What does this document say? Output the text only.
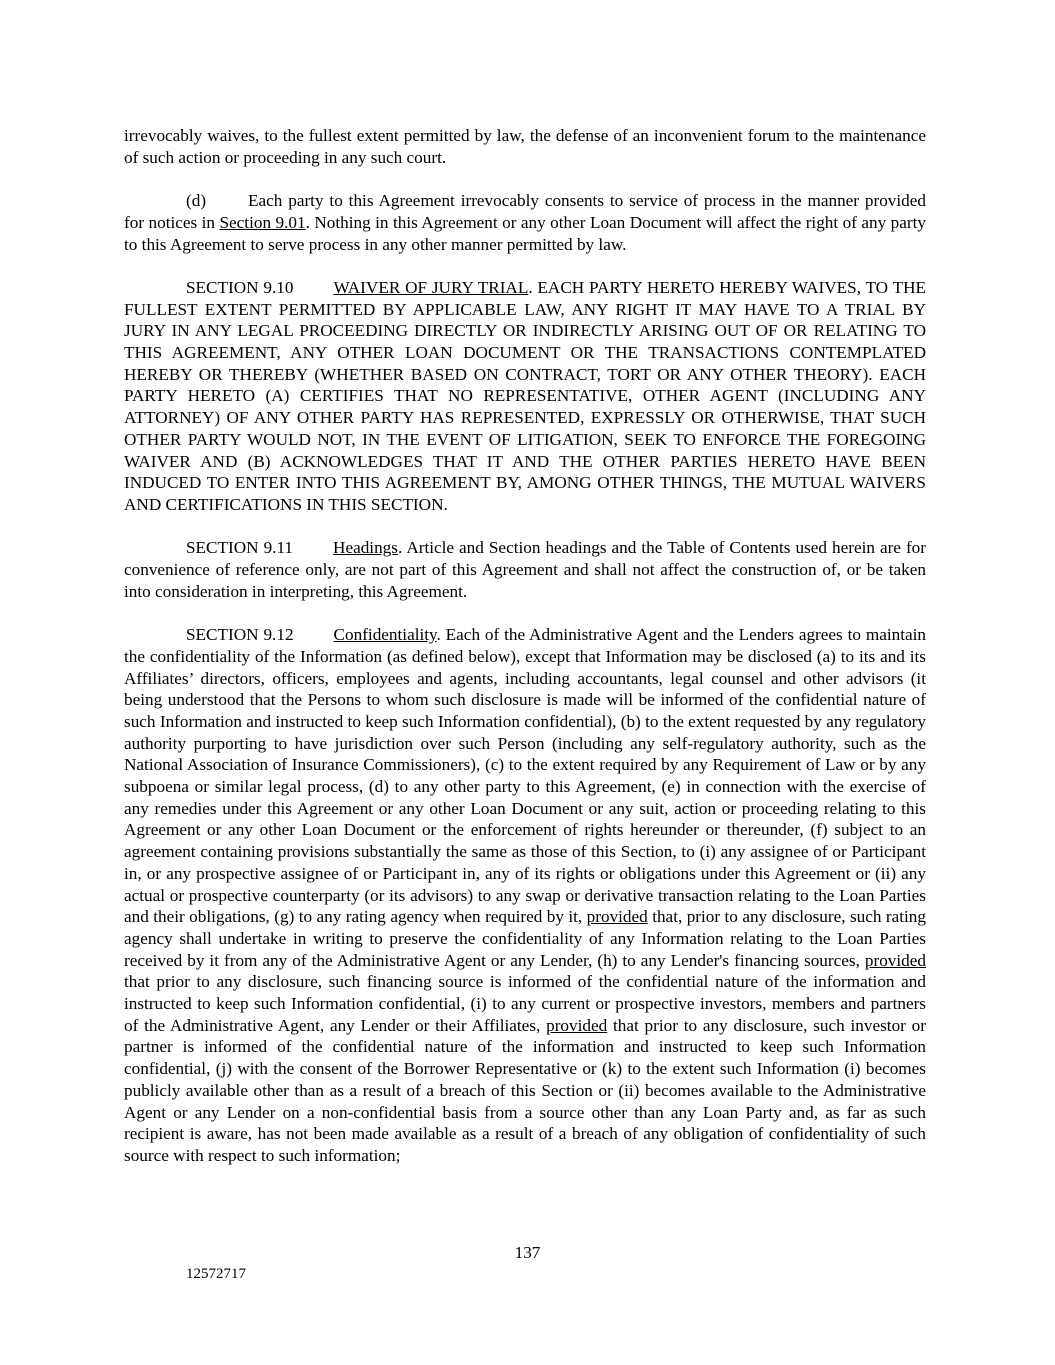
irrevocably waives, to the fullest extent permitted by law, the defense of an inconvenient forum to the maintenance of such action or proceeding in any such court.

(d) Each party to this Agreement irrevocably consents to service of process in the manner provided for notices in Section 9.01. Nothing in this Agreement or any other Loan Document will affect the right of any party to this Agreement to serve process in any other manner permitted by law.

SECTION 9.10 WAIVER OF JURY TRIAL. EACH PARTY HERETO HEREBY WAIVES, TO THE FULLEST EXTENT PERMITTED BY APPLICABLE LAW, ANY RIGHT IT MAY HAVE TO A TRIAL BY JURY IN ANY LEGAL PROCEEDING DIRECTLY OR INDIRECTLY ARISING OUT OF OR RELATING TO THIS AGREEMENT, ANY OTHER LOAN DOCUMENT OR THE TRANSACTIONS CONTEMPLATED HEREBY OR THEREBY (WHETHER BASED ON CONTRACT, TORT OR ANY OTHER THEORY). EACH PARTY HERETO (A) CERTIFIES THAT NO REPRESENTATIVE, OTHER AGENT (INCLUDING ANY ATTORNEY) OF ANY OTHER PARTY HAS REPRESENTED, EXPRESSLY OR OTHERWISE, THAT SUCH OTHER PARTY WOULD NOT, IN THE EVENT OF LITIGATION, SEEK TO ENFORCE THE FOREGOING WAIVER AND (B) ACKNOWLEDGES THAT IT AND THE OTHER PARTIES HERETO HAVE BEEN INDUCED TO ENTER INTO THIS AGREEMENT BY, AMONG OTHER THINGS, THE MUTUAL WAIVERS AND CERTIFICATIONS IN THIS SECTION.

SECTION 9.11 Headings. Article and Section headings and the Table of Contents used herein are for convenience of reference only, are not part of this Agreement and shall not affect the construction of, or be taken into consideration in interpreting, this Agreement.

SECTION 9.12 Confidentiality. Each of the Administrative Agent and the Lenders agrees to maintain the confidentiality of the Information (as defined below), except that Information may be disclosed (a) to its and its Affiliates’ directors, officers, employees and agents, including accountants, legal counsel and other advisors (it being understood that the Persons to whom such disclosure is made will be informed of the confidential nature of such Information and instructed to keep such Information confidential), (b) to the extent requested by any regulatory authority purporting to have jurisdiction over such Person (including any self-regulatory authority, such as the National Association of Insurance Commissioners), (c) to the extent required by any Requirement of Law or by any subpoena or similar legal process, (d) to any other party to this Agreement, (e) in connection with the exercise of any remedies under this Agreement or any other Loan Document or any suit, action or proceeding relating to this Agreement or any other Loan Document or the enforcement of rights hereunder or thereunder, (f) subject to an agreement containing provisions substantially the same as those of this Section, to (i) any assignee of or Participant in, or any prospective assignee of or Participant in, any of its rights or obligations under this Agreement or (ii) any actual or prospective counterparty (or its advisors) to any swap or derivative transaction relating to the Loan Parties and their obligations, (g) to any rating agency when required by it, provided that, prior to any disclosure, such rating agency shall undertake in writing to preserve the confidentiality of any Information relating to the Loan Parties received by it from any of the Administrative Agent or any Lender, (h) to any Lender's financing sources, provided that prior to any disclosure, such financing source is informed of the confidential nature of the information and instructed to keep such Information confidential, (i) to any current or prospective investors, members and partners of the Administrative Agent, any Lender or their Affiliates, provided that prior to any disclosure, such investor or partner is informed of the confidential nature of the information and instructed to keep such Information confidential, (j) with the consent of the Borrower Representative or (k) to the extent such Information (i) becomes publicly available other than as a result of a breach of this Section or (ii) becomes available to the Administrative Agent or any Lender on a non-confidential basis from a source other than any Loan Party and, as far as such recipient is aware, has not been made available as a result of a breach of any obligation of confidentiality of such source with respect to such information;

137
12572717
